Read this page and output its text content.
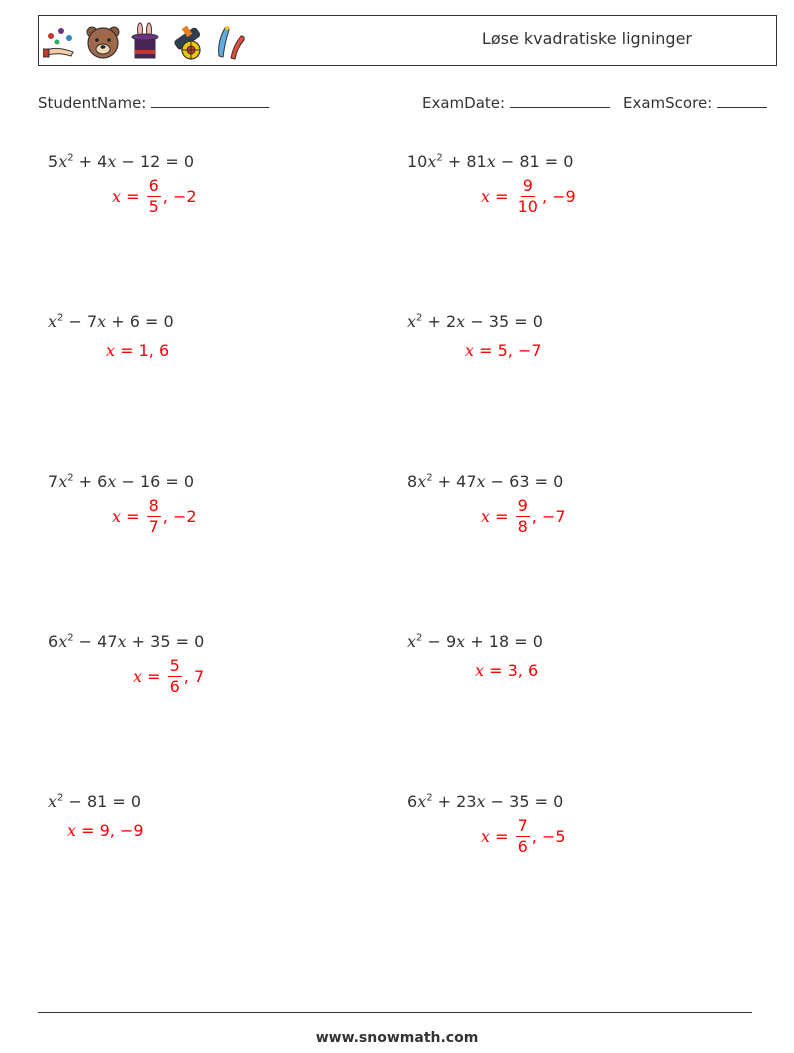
Løse kvadratiske ligninger
StudentName:	ExamDate:	ExamScore:
$5x^2 + 4x - 12 = 0$
$x = \frac{6}{5}$ , −2
$10x^2 + 81x - 81 = 0$
$x = \frac{9}{10}$ , −9
$x^2 - 7x + 6 = 0$
x = 1, 6
$x^2 + 2x - 35 = 0$
x = 5, −7
$7x^2 + 6x - 16 = 0$
$x = \frac{8}{7}$ , −2
$8x^2 + 47x - 63 = 0$
$x = \frac{9}{8}$ , −7
$6x^2 - 47x + 35 = 0$
$x = \frac{5}{6}$ , 7
$x^2 - 9x + 18 = 0$
x = 3, 6
$x^2 - 81 = 0$
x = 9, −9
$6x^2 + 23x - 35 = 0$
$x = \frac{7}{6}$ , −5
www.snowmath.com
